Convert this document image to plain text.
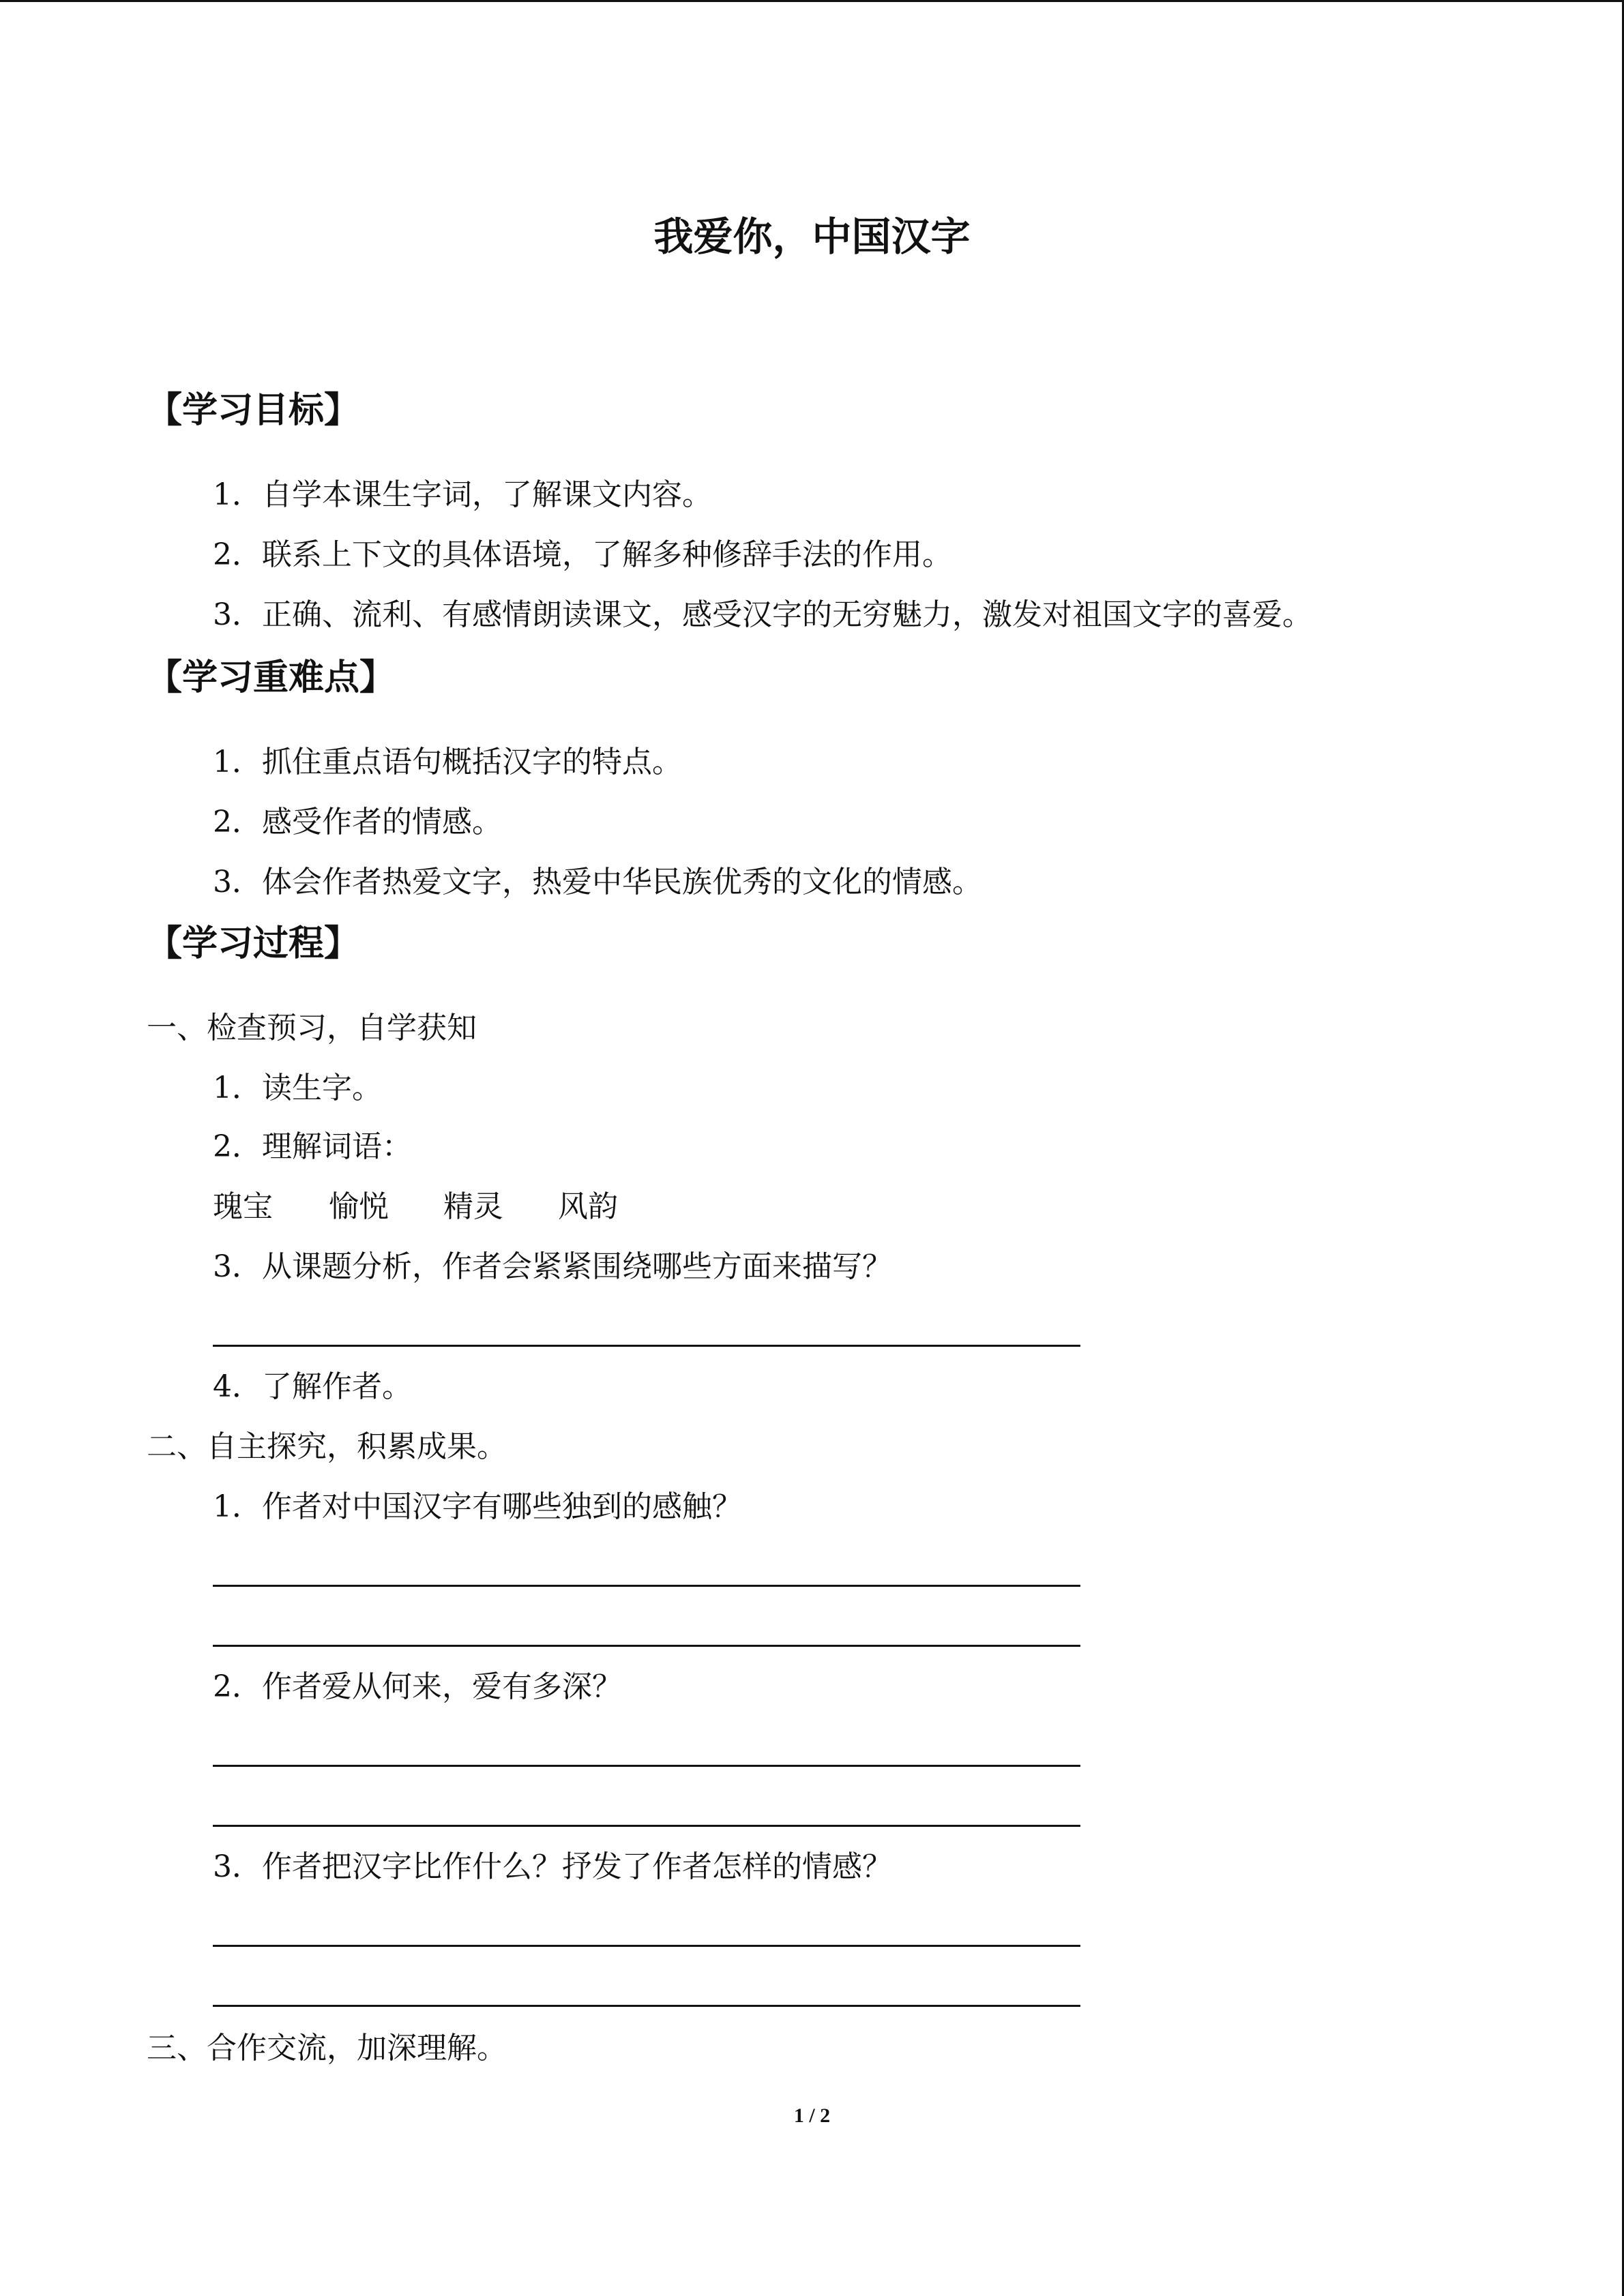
我爱你，中国汉字
【学习目标】
1．自学本课生字词，了解课文内容。
2．联系上下文的具体语境，了解多种修辞手法的作用。
3．正确、流利、有感情朗读课文，感受汉字的无穷魅力，激发对祖国文字的喜爱。
【学习重难点】
1．抓住重点语句概括汉字的特点。
2．感受作者的情感。
3．体会作者热爱文字，热爱中华民族优秀的文化的情感。
【学习过程】
一、检查预习，自学获知
1．读生字。
2．理解词语：
瑰宝 愉悦 精灵 风韵
3．从课题分析，作者会紧紧围绕哪些方面来描写？
4．了解作者。
二、自主探究，积累成果。
1．作者对中国汉字有哪些独到的感触？
2．作者爱从何来，爱有多深？
3．作者把汉字比作什么？抒发了作者怎样的情感？
三、合作交流，加深理解。
1 / 2
